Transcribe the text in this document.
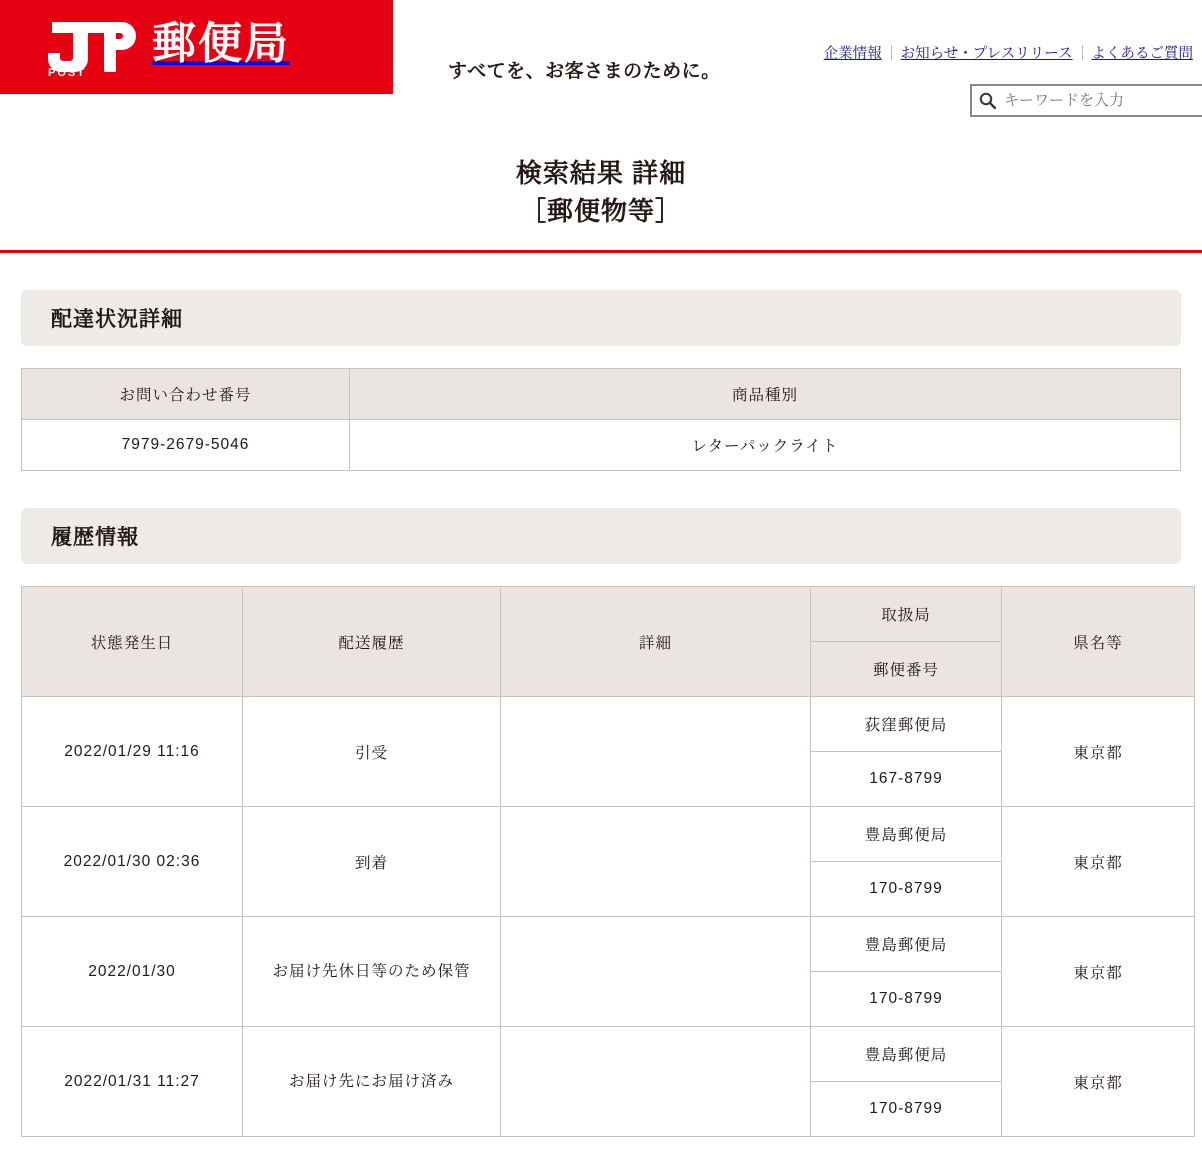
POST
郵便局
すべてを、お客さまのために。
企業情報	お知らせ・プレスリリース	よくあるご質問
キーワードを入力
検索結果 詳細
［郵便物等］
配達状況詳細
お問い合わせ番号	商品種別
7979-2679-5046	レターパックライト
履歴情報
状態発生日	配送履歴	詳細	取扱局	県名等
			郵便番号	
2022/01/29 11:16	引受		荻窪郵便局	東京都
			167-8799	
2022/01/30 02:36	到着		豊島郵便局	東京都
			170-8799	
2022/01/30	お届け先休日等のため保管		豊島郵便局	東京都
			170-8799	
2022/01/31 11:27	お届け先にお届け済み		豊島郵便局	東京都
			170-8799	
